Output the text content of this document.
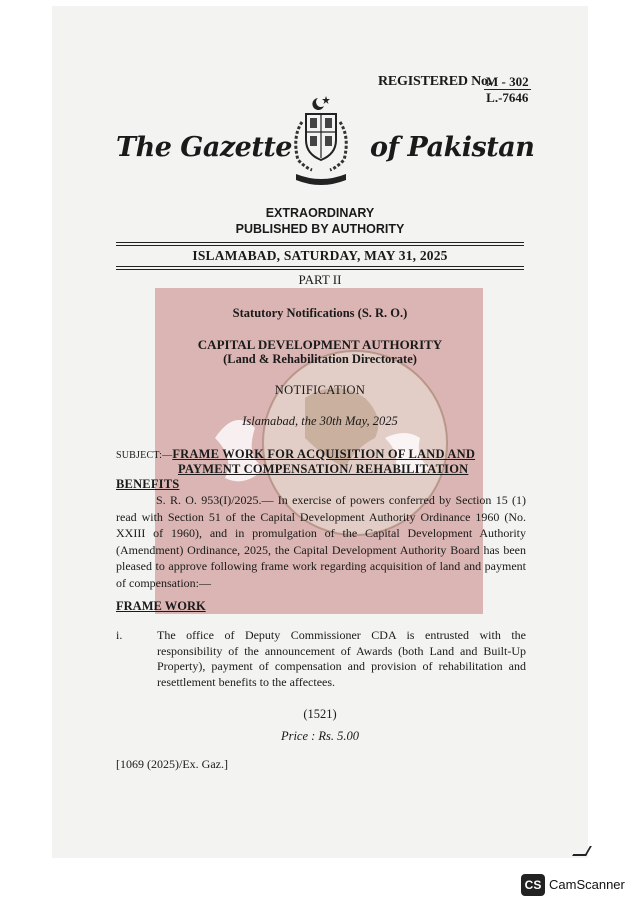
REGISTERED No.
$\frac{M - 302}{L.-7646}$
The Gazette	of Pakistan
EXTRAORDINARY
PUBLISHED BY AUTHORITY
ISLAMABAD, SATURDAY, MAY 31, 2025
PART II
Statutory Notifications (S. R. O.)
CAPITAL DEVELOPMENT AUTHORITY
(Land & Rehabilitation Directorate)
NOTIFICATION
Islamabad, the 30th May, 2025
SUBJECT:—FRAME WORK FOR ACQUISITION OF LAND AND
PAYMENT COMPENSATION/ REHABILITATION BENEFITS
S. R. O. 953(I)/2025.— In exercise of powers conferred by Section 15 (1) read with Section 51 of the Capital Development Authority Ordinance 1960 (No. XXIII of 1960), and in promulgation of the Capital Development Authority (Amendment) Ordinance, 2025, the Capital Development Authority Board has been pleased to approve following frame work regarding acquisition of land and payment of compensation:—
FRAME WORK
i.	The office of Deputy Commissioner CDA is entrusted with the responsibility of the announcement of Awards (both Land and Built-Up Property), payment of compensation and provision of rehabilitation and resettlement benefits to the affectees.
(1521)
Price : Rs. 5.00
[1069 (2025)/Ex. Gaz.]
CS CamScanner
